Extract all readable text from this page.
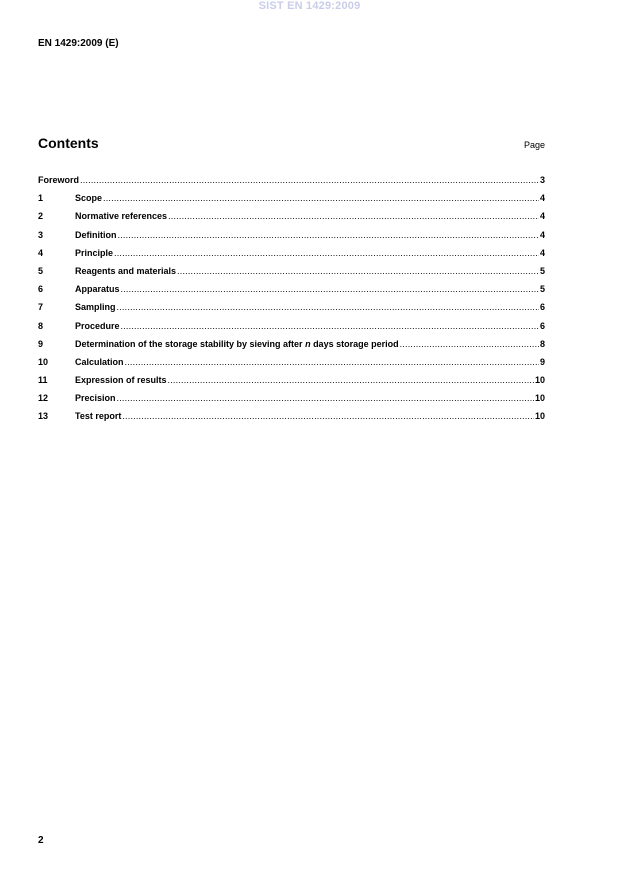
SIST EN 1429:2009
EN 1429:2009 (E)
Contents	Page
Foreword .....	3
1	Scope .....	4
2	Normative references .....	4
3	Definition .....	4
4	Principle .....	4
5	Reagents and materials .....	5
6	Apparatus .....	5
7	Sampling .....	6
8	Procedure .....	6
9	Determination of the storage stability by sieving after n days storage period .....	8
10	Calculation .....	9
11	Expression of results .....	10
12	Precision .....	10
13	Test report .....	10
2
